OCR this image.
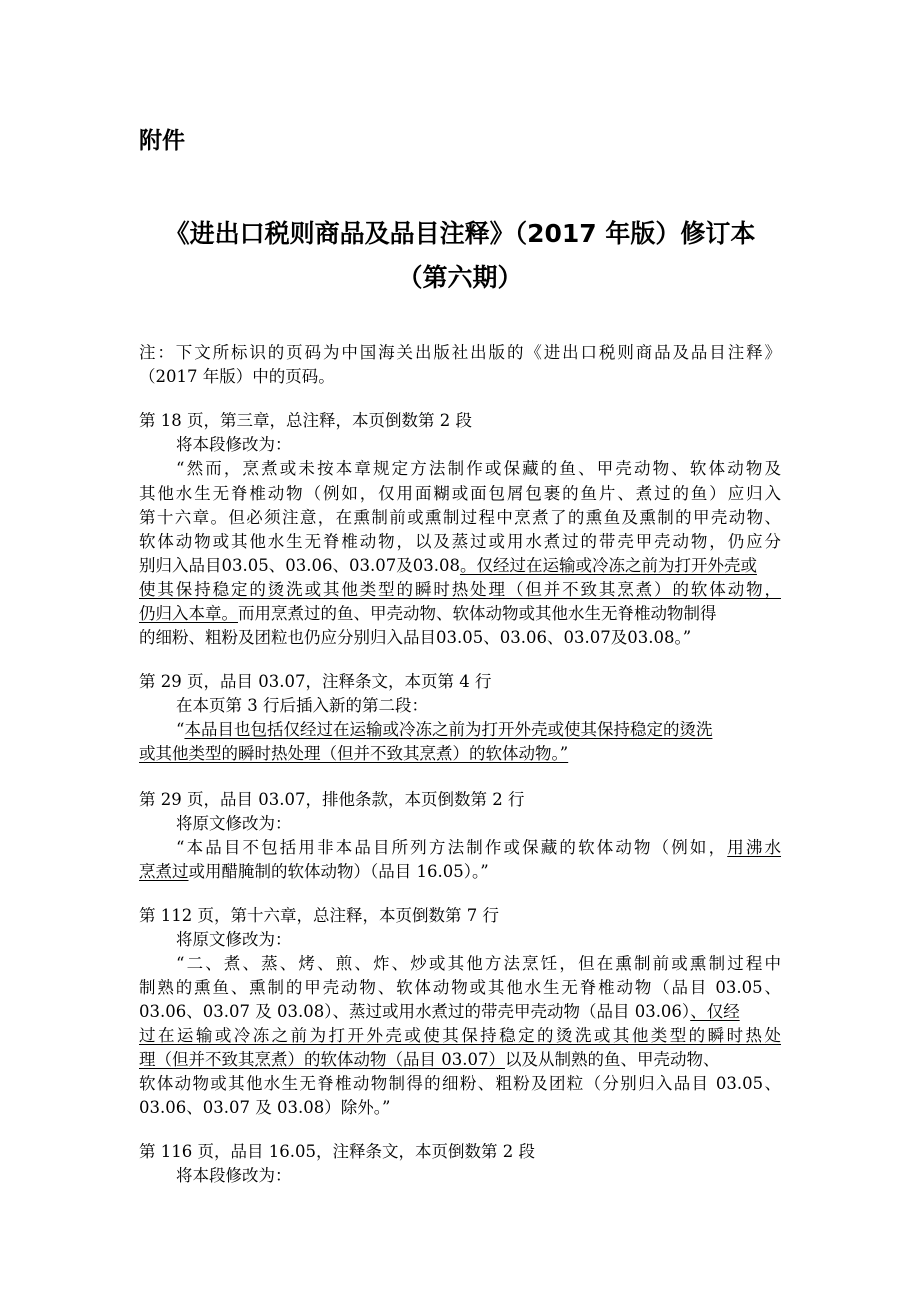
附件
《进出口税则商品及品目注释》（2017 年版）修订本
（第六期）
注：下文所标识的页码为中国海关出版社出版的《进出口税则商品及品目注释》
（2017 年版）中的页码。
第 18 页，第三章，总注释，本页倒数第 2 段
将本段修改为：
“然而，烹煮或未按本章规定方法制作或保藏的鱼、甲壳动物、软体动物及
其他水生无脊椎动物（例如，仅用面糊或面包屑包裹的鱼片、煮过的鱼）应归入
第十六章。但必须注意，在熏制前或熏制过程中烹煮了的熏鱼及熏制的甲壳动物、
软体动物或其他水生无脊椎动物，以及蒸过或用水煮过的带壳甲壳动物，仍应分
别归入品目03.05、03.06、03.07及03.08。仅经过在运输或冷冻之前为打开外壳或
使其保持稳定的烫洗或其他类型的瞬时热处理（但并不致其烹煮）的软体动物，
仍归入本章。而用烹煮过的鱼、甲壳动物、软体动物或其他水生无脊椎动物制得
的细粉、粗粉及团粒也仍应分别归入品目03.05、03.06、03.07及03.08。”
第 29 页，品目 03.07，注释条文，本页第 4 行
在本页第 3 行后插入新的第二段：
“本品目也包括仅经过在运输或冷冻之前为打开外壳或使其保持稳定的烫洗
或其他类型的瞬时热处理（但并不致其烹煮）的软体动物。”
第 29 页，品目 03.07，排他条款，本页倒数第 2 行
将原文修改为：
“本品目不包括用非本品目所列方法制作或保藏的软体动物（例如，用沸水
烹煮过或用醋腌制的软体动物）（品目 16.05）。”
第 112 页，第十六章，总注释，本页倒数第 7 行
将原文修改为：
“二、煮、蒸、烤、煎、炸、炒或其他方法烹饪，但在熏制前或熏制过程中
制熟的熏鱼、熏制的甲壳动物、软体动物或其他水生无脊椎动物（品目 03.05、
03.06、03.07 及 03.08）、蒸过或用水煮过的带壳甲壳动物（品目 03.06）、仅经
过在运输或冷冻之前为打开外壳或使其保持稳定的烫洗或其他类型的瞬时热处
理（但并不致其烹煮）的软体动物（品目 03.07）以及从制熟的鱼、甲壳动物、
软体动物或其他水生无脊椎动物制得的细粉、粗粉及团粒（分别归入品目 03.05、
03.06、03.07 及 03.08）除外。”
第 116 页，品目 16.05，注释条文，本页倒数第 2 段
将本段修改为：
